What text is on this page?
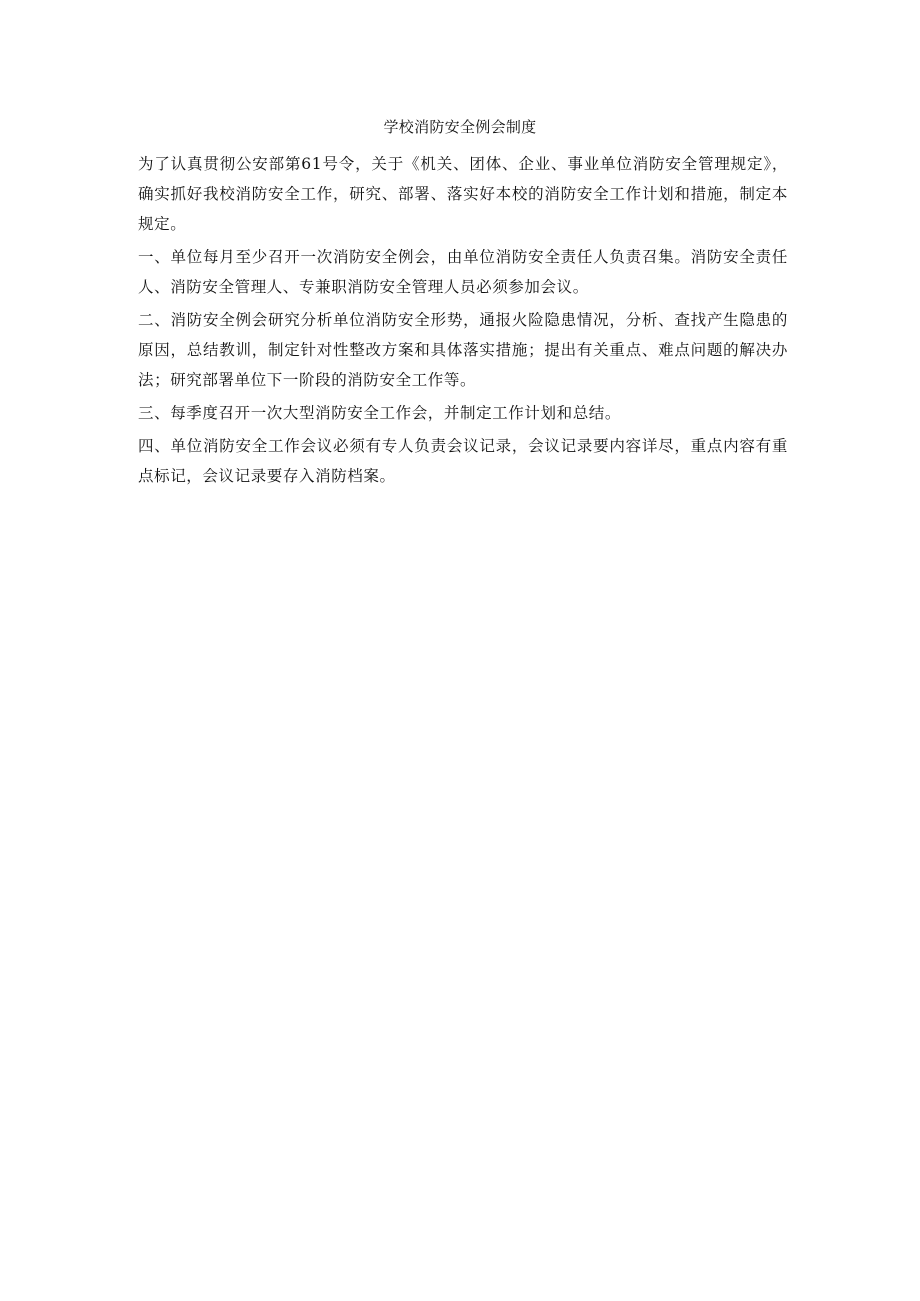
学校消防安全例会制度

为了认真贯彻公安部第61号令，关于《机关、团体、企业、事业单位消防安全管理规定》，确实抓好我校消防安全工作，研究、部署、落实好本校的消防安全工作计划和措施，制定本规定。

一、单位每月至少召开一次消防安全例会，由单位消防安全责任人负责召集。消防安全责任人、消防安全管理人、专兼职消防安全管理人员必须参加会议。

二、消防安全例会研究分析单位消防安全形势，通报火险隐患情况，分析、查找产生隐患的原因，总结教训，制定针对性整改方案和具体落实措施；提出有关重点、难点问题的解决办法；研究部署单位下一阶段的消防安全工作等。

三、每季度召开一次大型消防安全工作会，并制定工作计划和总结。

四、单位消防安全工作会议必须有专人负责会议记录，会议记录要内容详尽，重点内容有重点标记，会议记录要存入消防档案。
